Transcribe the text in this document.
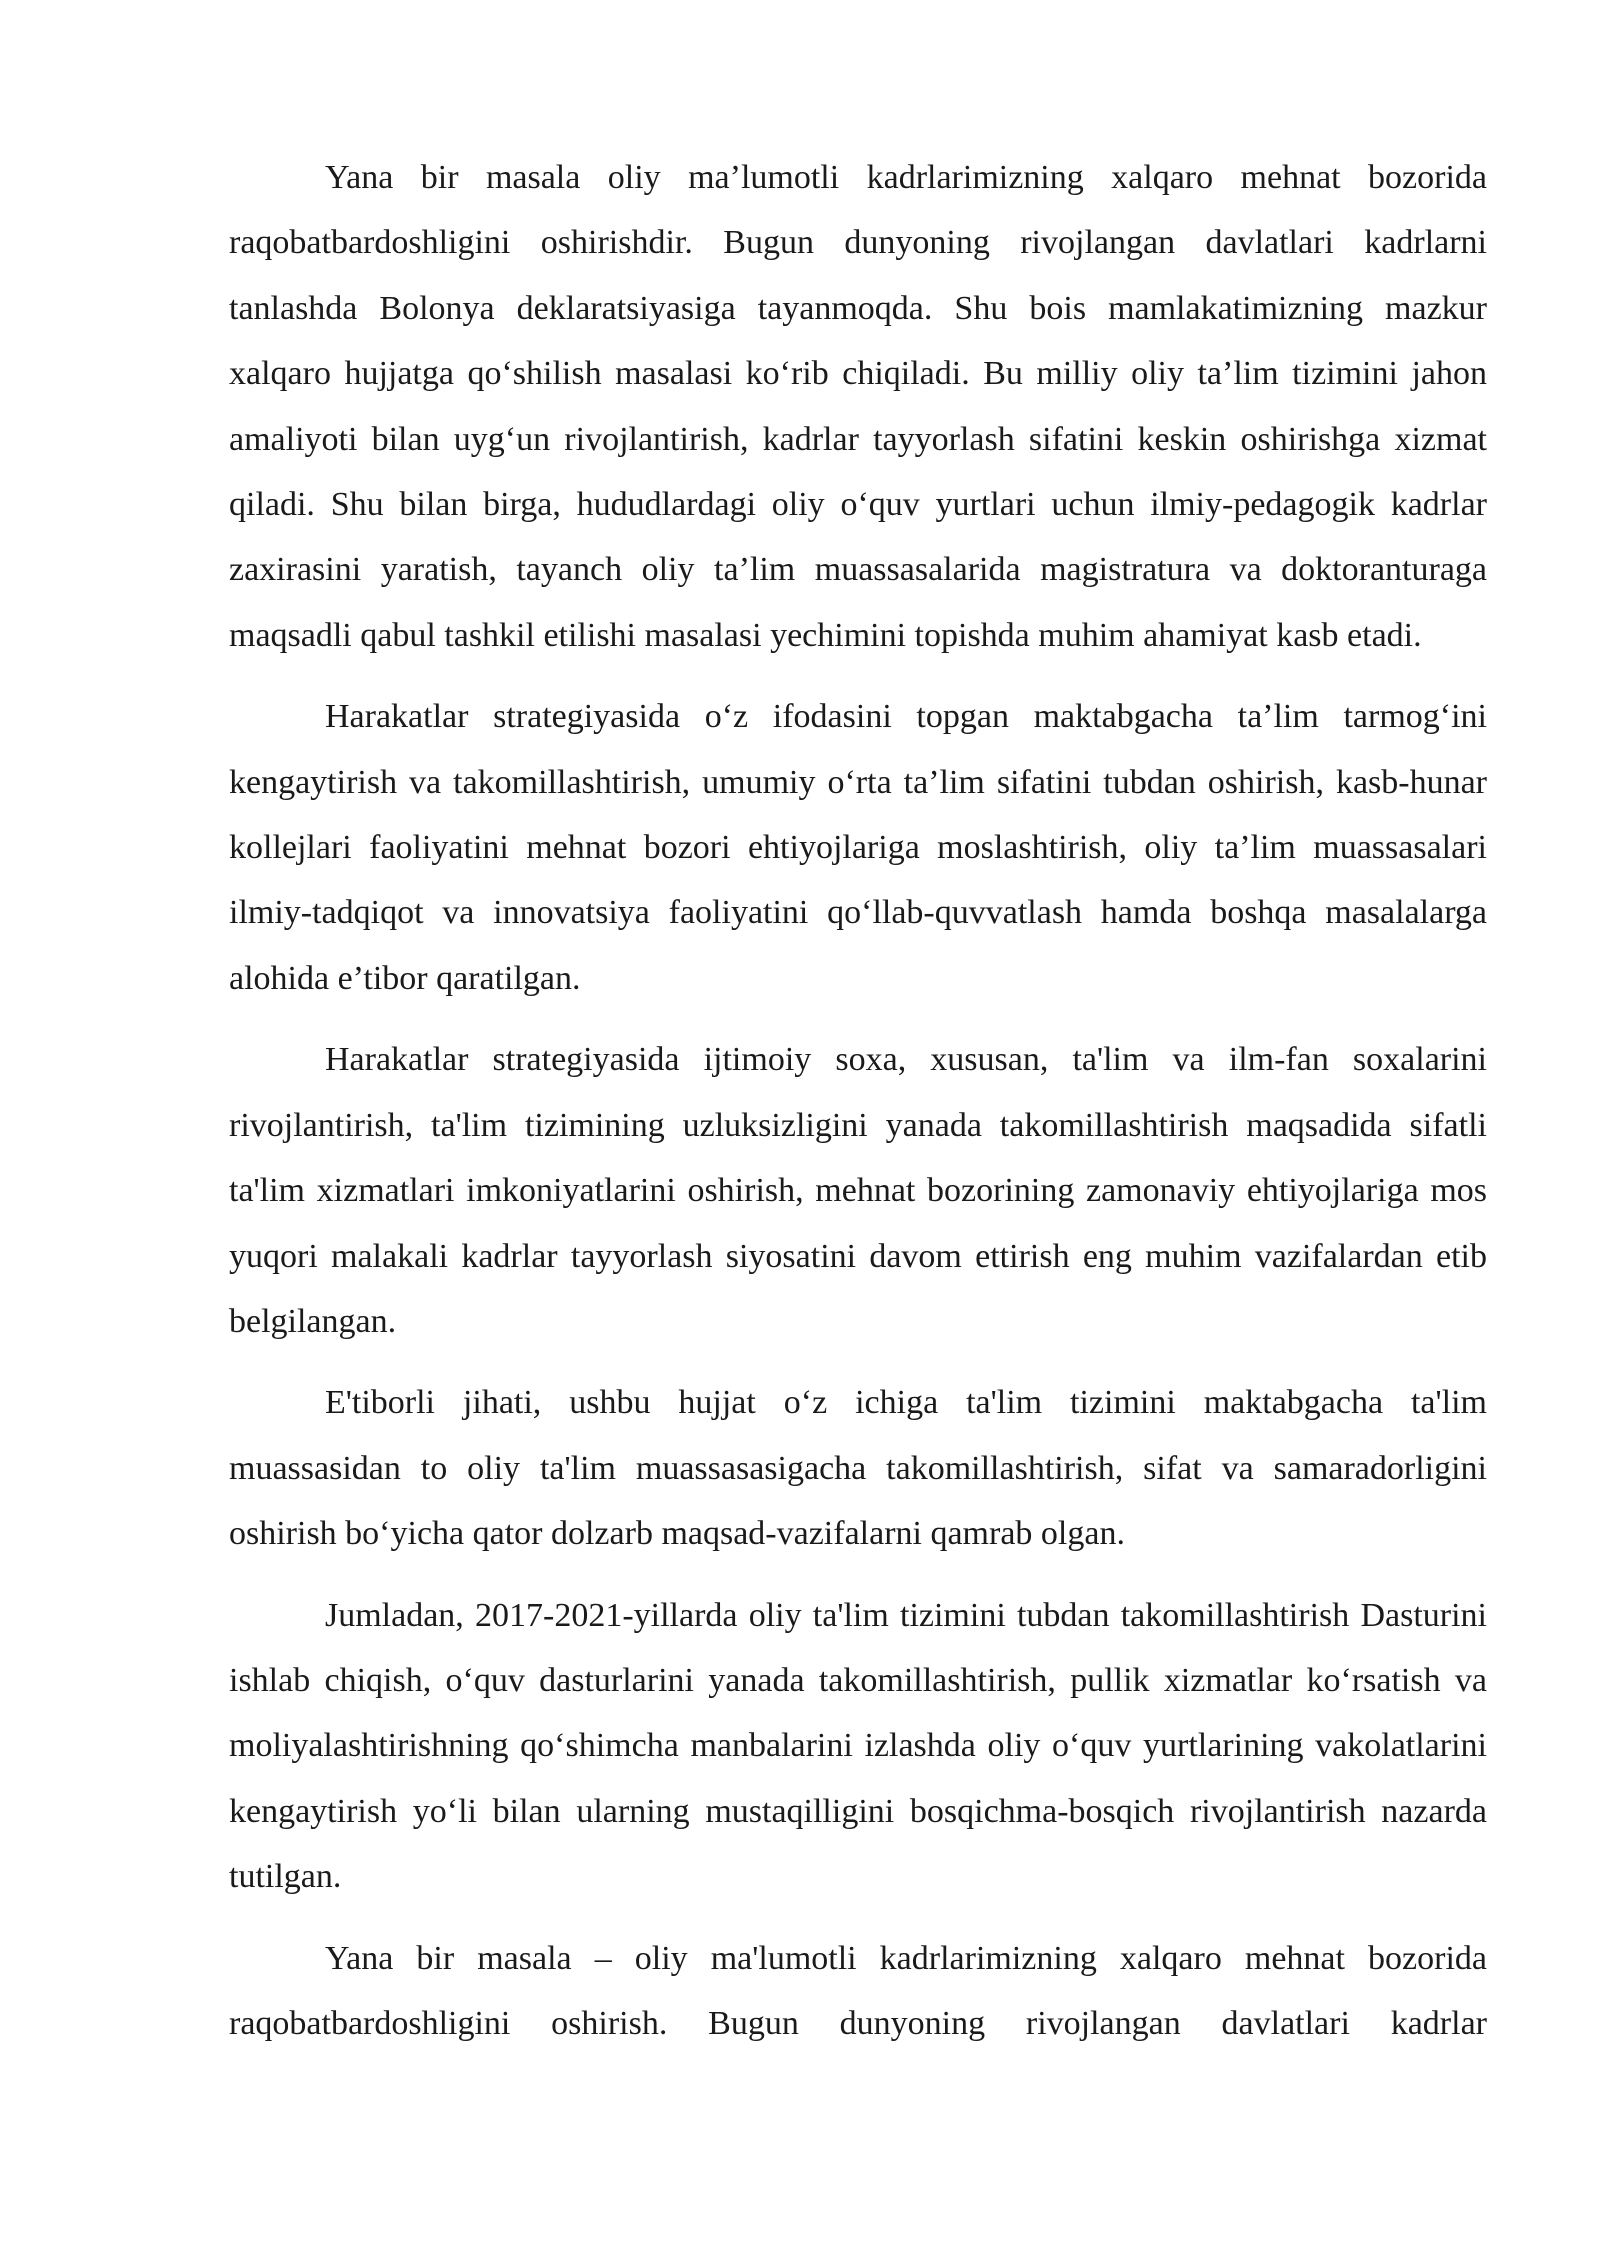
Yana bir masala oliy ma’lumotli kadrlarimizning xalqaro mehnat bozorida raqobatbardoshligini oshirishdir. Bugun dunyoning rivojlangan davlatlari kadrlarni tanlashda Bolonya deklaratsiyasiga tayanmoqda. Shu bois mamlakatimizning mazkur xalqaro hujjatga qo‘shilish masalasi ko‘rib chiqiladi. Bu milliy oliy ta’lim tizimini jahon amaliyoti bilan uyg‘un rivojlantirish, kadrlar tayyorlash sifatini keskin oshirishga xizmat qiladi. Shu bilan birga, hududlardagi oliy o‘quv yurtlari uchun ilmiy-pedagogik kadrlar zaxirasini yaratish, tayanch oliy ta’lim muassasalarida magistratura va doktoranturaga maqsadli qabul tashkil etilishi masalasi yechimini topishda muhim ahamiyat kasb etadi.

Harakatlar strategiyasida o‘z ifodasini topgan maktabgacha ta’lim tarmog‘ini kengaytirish va takomillashtirish, umumiy o‘rta ta’lim sifatini tubdan oshirish, kasb-hunar kollejlari faoliyatini mehnat bozori ehtiyojlariga moslashtirish, oliy ta’lim muassasalari ilmiy-tadqiqot va innovatsiya faoliyatini qo‘llab-quvvatlash hamda boshqa masalalarga alohida e’tibor qaratilgan.

Harakatlar strategiyasida ijtimoiy soxa, xususan, ta'lim va ilm-fan soxalarini rivojlantirish, ta'lim tizimining uzluksizligini yanada takomillashtirish maqsadida sifatli ta'lim xizmatlari imkoniyatlarini oshirish, mehnat bozorining zamonaviy ehtiyojlariga mos yuqori malakali kadrlar tayyorlash siyosatini davom ettirish eng muhim vazifalardan etib belgilangan.

E'tiborli jihati, ushbu hujjat o‘z ichiga ta'lim tizimini maktabgacha ta'lim muassasidan to oliy ta'lim muassasasigacha takomillashtirish, sifat va samaradorligini oshirish bo‘yicha qator dolzarb maqsad-vazifalarni qamrab olgan.

Jumladan, 2017-2021-yillarda oliy ta'lim tizimini tubdan takomillashtirish Dasturini ishlab chiqish, o‘quv dasturlarini yanada takomillashtirish, pullik xizmatlar ko‘rsatish va moliyalashtirishning qo‘shimcha manbalarini izlashda oliy o‘quv yurtlarining vakolatlarini kengaytirish yo‘li bilan ularning mustaqilligini bosqichma-bosqich rivojlantirish nazarda tutilgan.

Yana bir masala – oliy ma'lumotli kadrlarimizning xalqaro mehnat bozorida raqobatbardoshligini oshirish. Bugun dunyoning rivojlangan davlatlari kadrlar
